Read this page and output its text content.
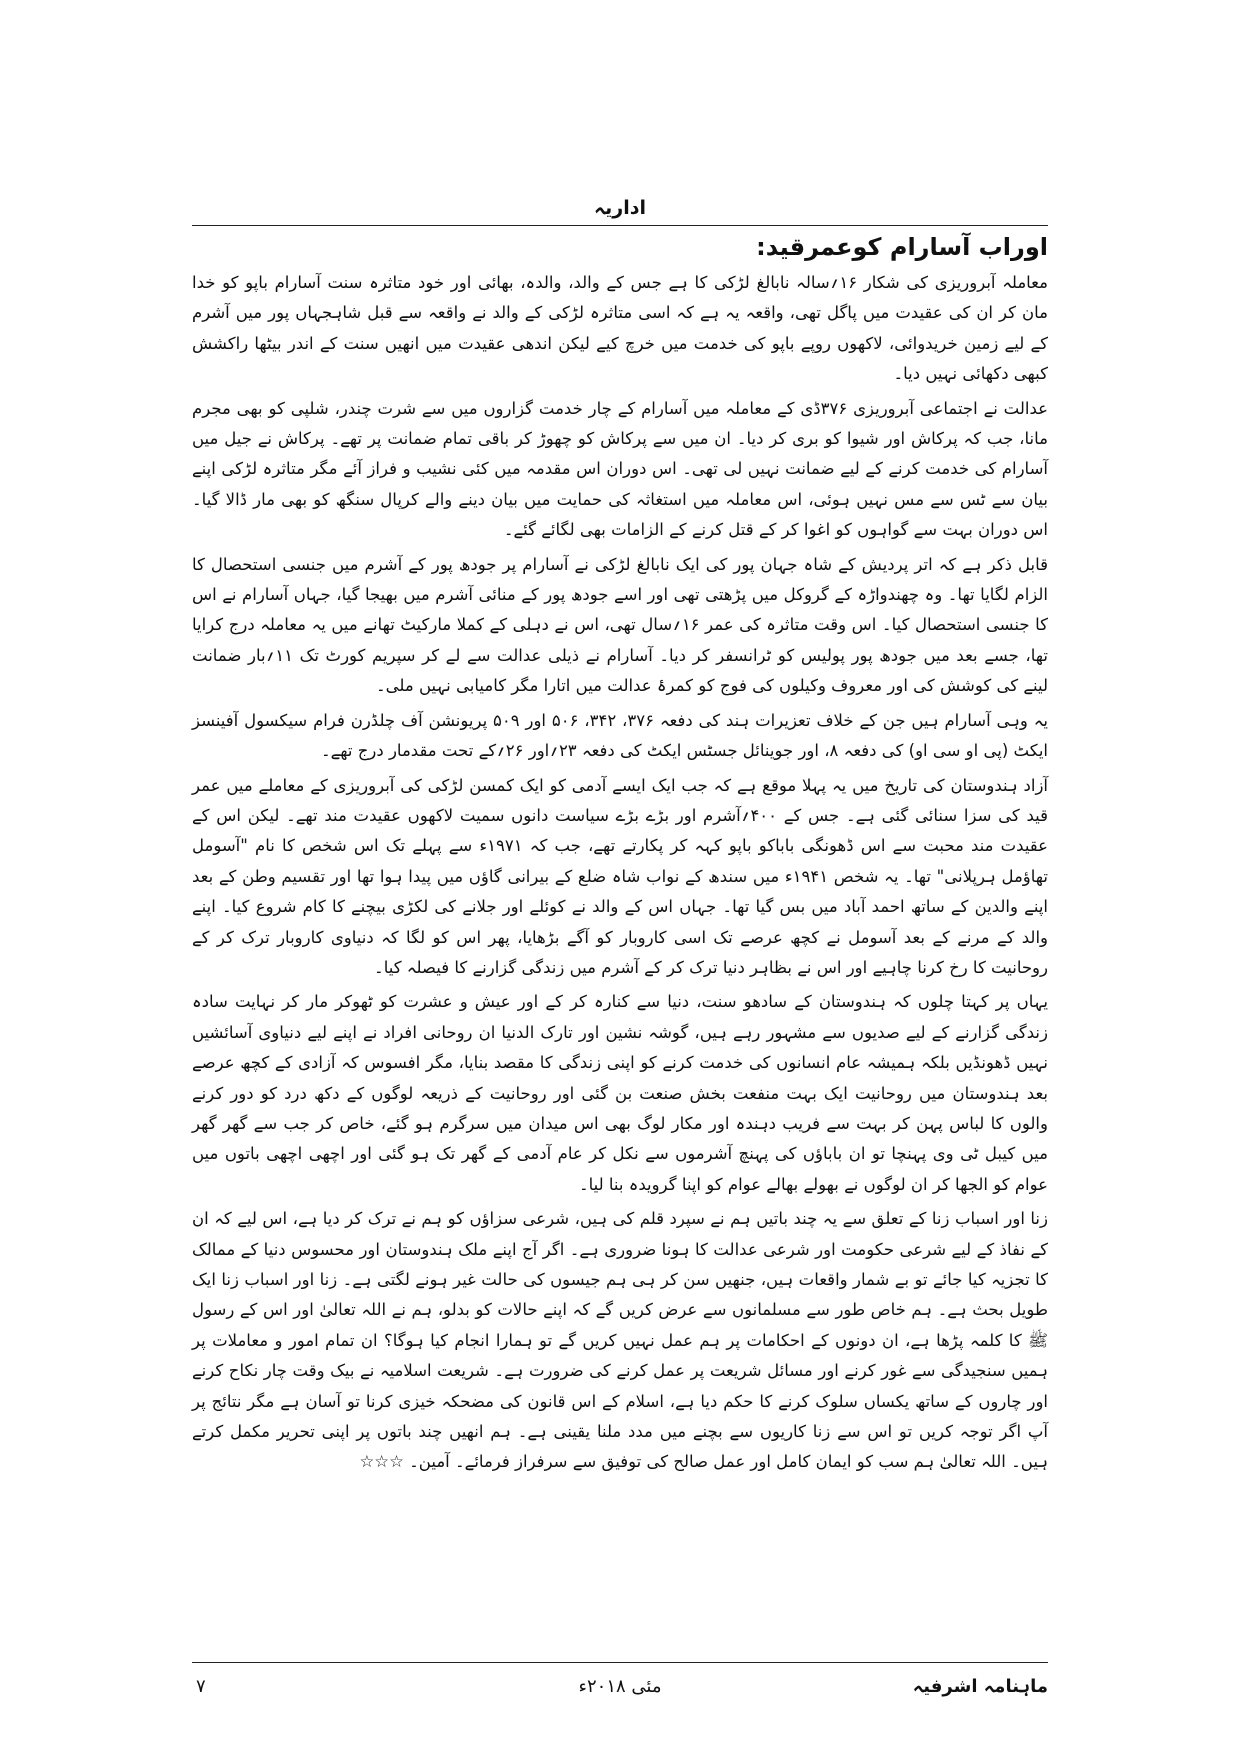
اداریہ
اوراب آسارام کوعمرقید:

معاملہ آبروریزی کی شکار ۱۶؍سالہ نابالغ لڑکی کا ہے جس کے والد، والدہ، بھائی اور خود متاثرہ سنت آسارام باپو کو خدا مان کر ان کی عقیدت میں پاگل تھی، واقعہ یہ ہے کہ اسی متاثرہ لڑکی کے والد نے واقعہ سے قبل شاہجہاں پور میں آشرم کے لیے زمین خریدوائی، لاکھوں روپے باپو کی خدمت میں خرچ کیے لیکن اندھی عقیدت میں انھیں سنت کے اندر بیٹھا راکشش کبھی دکھائی نہیں دیا۔

عدالت نے اجتماعی آبروریزی ۳۷۶ڈی کے معاملہ میں آسارام کے چار خدمت گزاروں میں سے شرت چندر، شلپی کو بھی مجرم مانا، جب کہ پرکاش اور شیوا کو بری کر دیا۔ ان میں سے پرکاش کو چھوڑ کر باقی تمام ضمانت پر تھے۔ پرکاش نے جیل میں آسارام کی خدمت کرنے کے لیے ضمانت نہیں لی تھی۔ اس دوران اس مقدمہ میں کئی نشیب و فراز آئے مگر متاثرہ لڑکی اپنے بیان سے ٹس سے مس نہیں ہوئی، اس معاملہ میں استغاثہ کی حمایت میں بیان دینے والے کرپال سنگھ کو بھی مار ڈالا گیا۔ اس دوران بہت سے گواہوں کو اغوا کر کے قتل کرنے کے الزامات بھی لگائے گئے۔

قابل ذکر ہے کہ اتر پردیش کے شاہ جہان پور کی ایک نابالغ لڑکی نے آسارام پر جودھ پور کے آشرم میں جنسی استحصال کا الزام لگایا تھا۔ وہ چھندواڑہ کے گروکل میں پڑھتی تھی اور اسے جودھ پور کے منائی آشرم میں بھیجا گیا، جہاں آسارام نے اس کا جنسی استحصال کیا۔ اس وقت متاثرہ کی عمر ۱۶؍سال تھی، اس نے دہلی کے کملا مارکیٹ تھانے میں یہ معاملہ درج کرایا تھا، جسے بعد میں جودھ پور پولیس کو ٹرانسفر کر دیا۔ آسارام نے ذیلی عدالت سے لے کر سپریم کورٹ تک ۱۱؍بار ضمانت لینے کی کوشش کی اور معروف وکیلوں کی فوج کو کمرۂ عدالت میں اتارا مگر کامیابی نہیں ملی۔

یہ وہی آسارام ہیں جن کے خلاف تعزیرات ہند کی دفعہ ۳۷۶، ۳۴۲، ۵۰۶ اور ۵۰۹ پریونشن آف چلڈرن فرام سیکسول آفینسز ایکٹ (پی او سی او) کی دفعہ ۸، اور جوینائل جسٹس ایکٹ کی دفعہ ۲۳؍اور ۲۶؍کے تحت مقدمار درج تھے۔

آزاد ہندوستان کی تاریخ میں یہ پہلا موقع ہے کہ جب ایک ایسے آدمی کو ایک کمسن لڑکی کی آبروریزی کے معاملے میں عمر قید کی سزا سنائی گئی ہے۔ جس کے ۴۰۰؍آشرم اور بڑے بڑے سیاست دانوں سمیت لاکھوں عقیدت مند تھے۔ لیکن اس کے عقیدت مند محبت سے اس ڈھونگی باباکو باپو کہہ کر پکارتے تھے، جب کہ ۱۹۷۱ء سے پہلے تک اس شخص کا نام "آسومل تھاؤمل ہرپلانی" تھا۔ یہ شخص ۱۹۴۱ء میں سندھ کے نواب شاہ ضلع کے بیرانی گاؤں میں پیدا ہوا تھا اور تقسیم وطن کے بعد اپنے والدین کے ساتھ احمد آباد میں بس گیا تھا۔ جہاں اس کے والد نے کوئلے اور جلانے کی لکڑی بیچنے کا کام شروع کیا۔ اپنے والد کے مرنے کے بعد آسومل نے کچھ عرصے تک اسی کاروبار کو آگے بڑھایا، پھر اس کو لگا کہ دنیاوی کاروبار ترک کر کے روحانیت کا رخ کرنا چاہیے اور اس نے بظاہر دنیا ترک کر کے آشرم میں زندگی گزارنے کا فیصلہ کیا۔

یہاں پر کہتا چلوں کہ ہندوستان کے سادھو سنت، دنیا سے کنارہ کر کے اور عیش و عشرت کو ٹھوکر مار کر نہایت سادہ زندگی گزارنے کے لیے صدیوں سے مشہور رہے ہیں، گوشہ نشین اور تارک الدنیا ان روحانی افراد نے اپنے لیے دنیاوی آسائشیں نہیں ڈھونڈیں بلکہ ہمیشہ عام انسانوں کی خدمت کرنے کو اپنی زندگی کا مقصد بنایا، مگر افسوس کہ آزادی کے کچھ عرصے بعد ہندوستان میں روحانیت ایک بہت منفعت بخش صنعت بن گئی اور روحانیت کے ذریعہ لوگوں کے دکھ درد کو دور کرنے والوں کا لباس پہن کر بہت سے فریب دہندہ اور مکار لوگ بھی اس میدان میں سرگرم ہو گئے، خاص کر جب سے گھر گھر میں کیبل ٹی وی پہنچا تو ان باباؤں کی پہنچ آشرموں سے نکل کر عام آدمی کے گھر تک ہو گئی اور اچھی اچھی باتوں میں عوام کو الجھا کر ان لوگوں نے بھولے بھالے عوام کو اپنا گرویدہ بنا لیا۔

زنا اور اسباب زنا کے تعلق سے یہ چند باتیں ہم نے سپرد قلم کی ہیں، شرعی سزاؤں کو ہم نے ترک کر دیا ہے، اس لیے کہ ان کے نفاذ کے لیے شرعی حکومت اور شرعی عدالت کا ہونا ضروری ہے۔ اگر آج اپنے ملک ہندوستان اور محسوس دنیا کے ممالک کا تجزیہ کیا جائے تو بے شمار واقعات ہیں، جنھیں سن کر ہی ہم جیسوں کی حالت غیر ہونے لگتی ہے۔ زنا اور اسباب زنا ایک طویل بحث ہے۔ ہم خاص طور سے مسلمانوں سے عرض کریں گے کہ اپنے حالات کو بدلو، ہم نے اللہ تعالیٰ اور اس کے رسول ﷺ کا کلمہ پڑھا ہے، ان دونوں کے احکامات پر ہم عمل نہیں کریں گے تو ہمارا انجام کیا ہوگا؟ ان تمام امور و معاملات پر ہمیں سنجیدگی سے غور کرنے اور مسائل شریعت پر عمل کرنے کی ضرورت ہے۔ شریعت اسلامیہ نے بیک وقت چار نکاح کرنے اور چاروں کے ساتھ یکساں سلوک کرنے کا حکم دیا ہے، اسلام کے اس قانون کی مضحکہ خیزی کرنا تو آسان ہے مگر نتائج پر آپ اگر توجہ کریں تو اس سے زنا کاریوں سے بچنے میں مدد ملنا یقینی ہے۔ ہم انھیں چند باتوں پر اپنی تحریر مکمل کرتے ہیں۔ اللہ تعالیٰ ہم سب کو ایمان کامل اور عمل صالح کی توفیق سے سرفراز فرمائے۔ آمین۔ ☆☆☆

۷	مئی ۲۰۱۸ء	ماہنامہ اشرفیہ
